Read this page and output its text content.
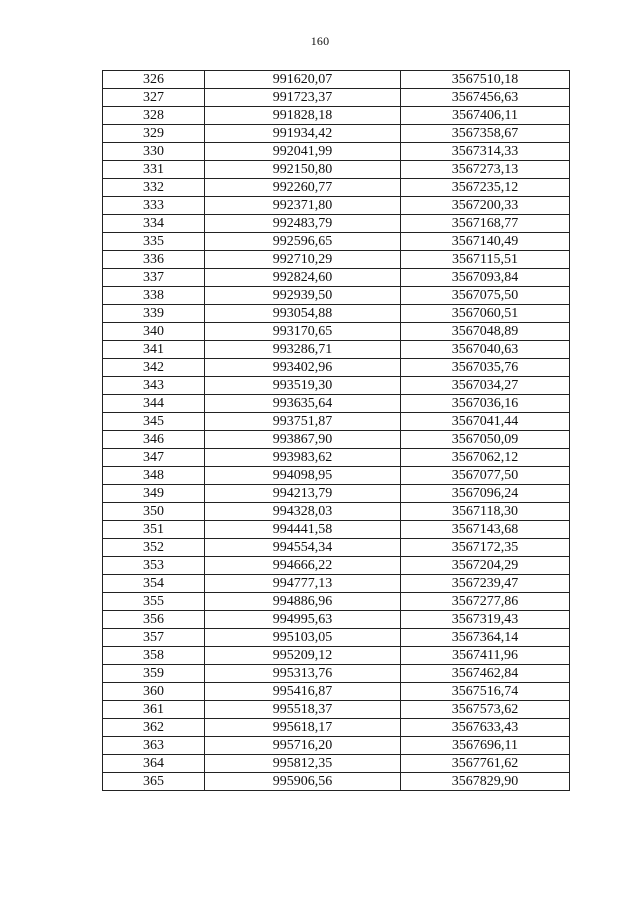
160
326	991620,07	3567510,18
327	991723,37	3567456,63
328	991828,18	3567406,11
329	991934,42	3567358,67
330	992041,99	3567314,33
331	992150,80	3567273,13
332	992260,77	3567235,12
333	992371,80	3567200,33
334	992483,79	3567168,77
335	992596,65	3567140,49
336	992710,29	3567115,51
337	992824,60	3567093,84
338	992939,50	3567075,50
339	993054,88	3567060,51
340	993170,65	3567048,89
341	993286,71	3567040,63
342	993402,96	3567035,76
343	993519,30	3567034,27
344	993635,64	3567036,16
345	993751,87	3567041,44
346	993867,90	3567050,09
347	993983,62	3567062,12
348	994098,95	3567077,50
349	994213,79	3567096,24
350	994328,03	3567118,30
351	994441,58	3567143,68
352	994554,34	3567172,35
353	994666,22	3567204,29
354	994777,13	3567239,47
355	994886,96	3567277,86
356	994995,63	3567319,43
357	995103,05	3567364,14
358	995209,12	3567411,96
359	995313,76	3567462,84
360	995416,87	3567516,74
361	995518,37	3567573,62
362	995618,17	3567633,43
363	995716,20	3567696,11
364	995812,35	3567761,62
365	995906,56	3567829,90
